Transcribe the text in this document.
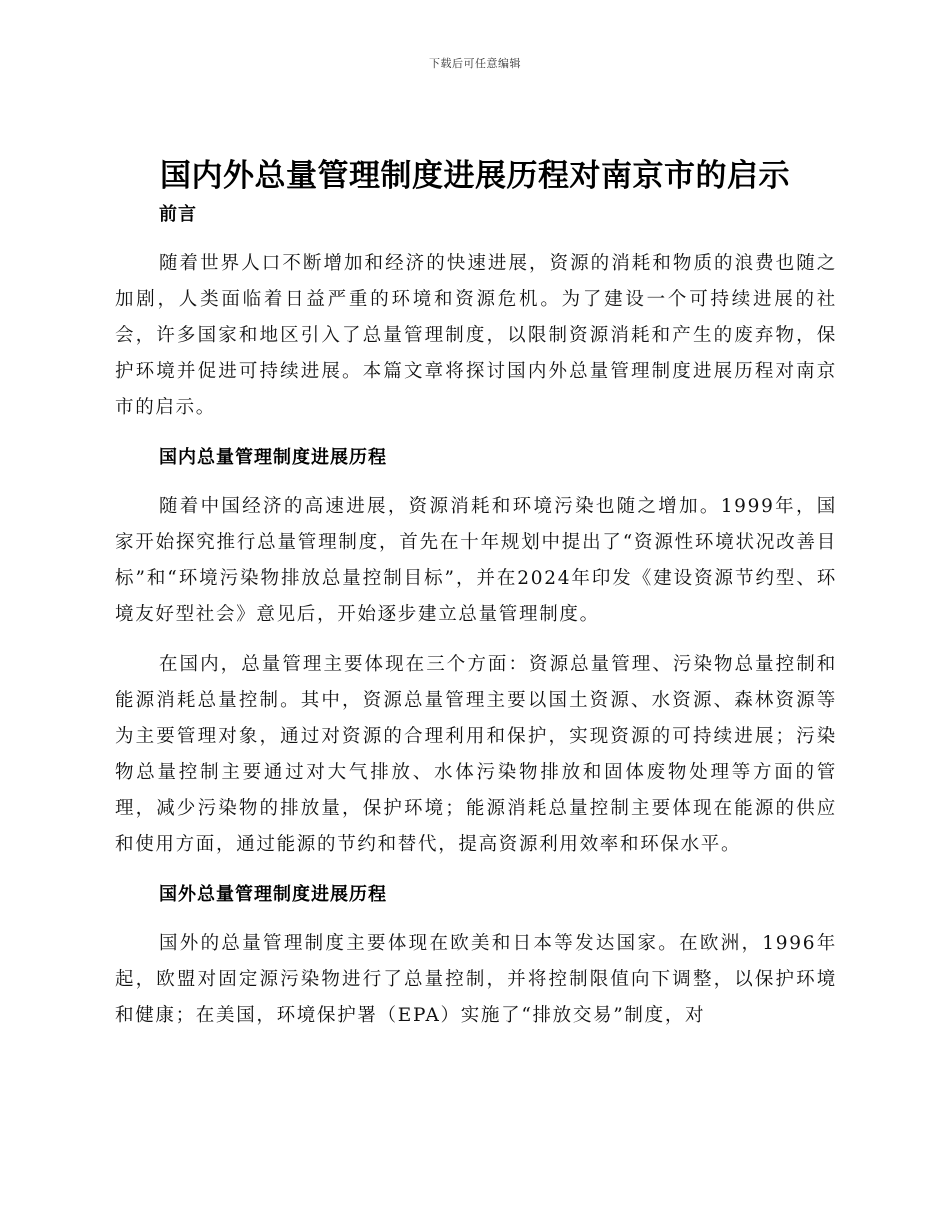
下载后可任意编辑
国内外总量管理制度进展历程对南京市的启示
前言

随着世界人口不断增加和经济的快速进展，资源的消耗和物质的浪费也随之加剧，人类面临着日益严重的环境和资源危机。为了建设一个可持续进展的社会，许多国家和地区引入了总量管理制度，以限制资源消耗和产生的废弃物，保护环境并促进可持续进展。本篇文章将探讨国内外总量管理制度进展历程对南京市的启示。

国内总量管理制度进展历程

随着中国经济的高速进展，资源消耗和环境污染也随之增加。1999年，国家开始探究推行总量管理制度，首先在十年规划中提出了“资源性环境状况改善目标”和“环境污染物排放总量控制目标”，并在2024年印发《建设资源节约型、环境友好型社会》意见后，开始逐步建立总量管理制度。

在国内，总量管理主要体现在三个方面：资源总量管理、污染物总量控制和能源消耗总量控制。其中，资源总量管理主要以国土资源、水资源、森林资源等为主要管理对象，通过对资源的合理利用和保护，实现资源的可持续进展；污染物总量控制主要通过对大气排放、水体污染物排放和固体废物处理等方面的管理，减少污染物的排放量，保护环境；能源消耗总量控制主要体现在能源的供应和使用方面，通过能源的节约和替代，提高资源利用效率和环保水平。

国外总量管理制度进展历程

国外的总量管理制度主要体现在欧美和日本等发达国家。在欧洲，1996年起，欧盟对固定源污染物进行了总量控制，并将控制限值向下调整，以保护环境和健康；在美国，环境保护署（EPA）实施了“排放交易”制度，对
